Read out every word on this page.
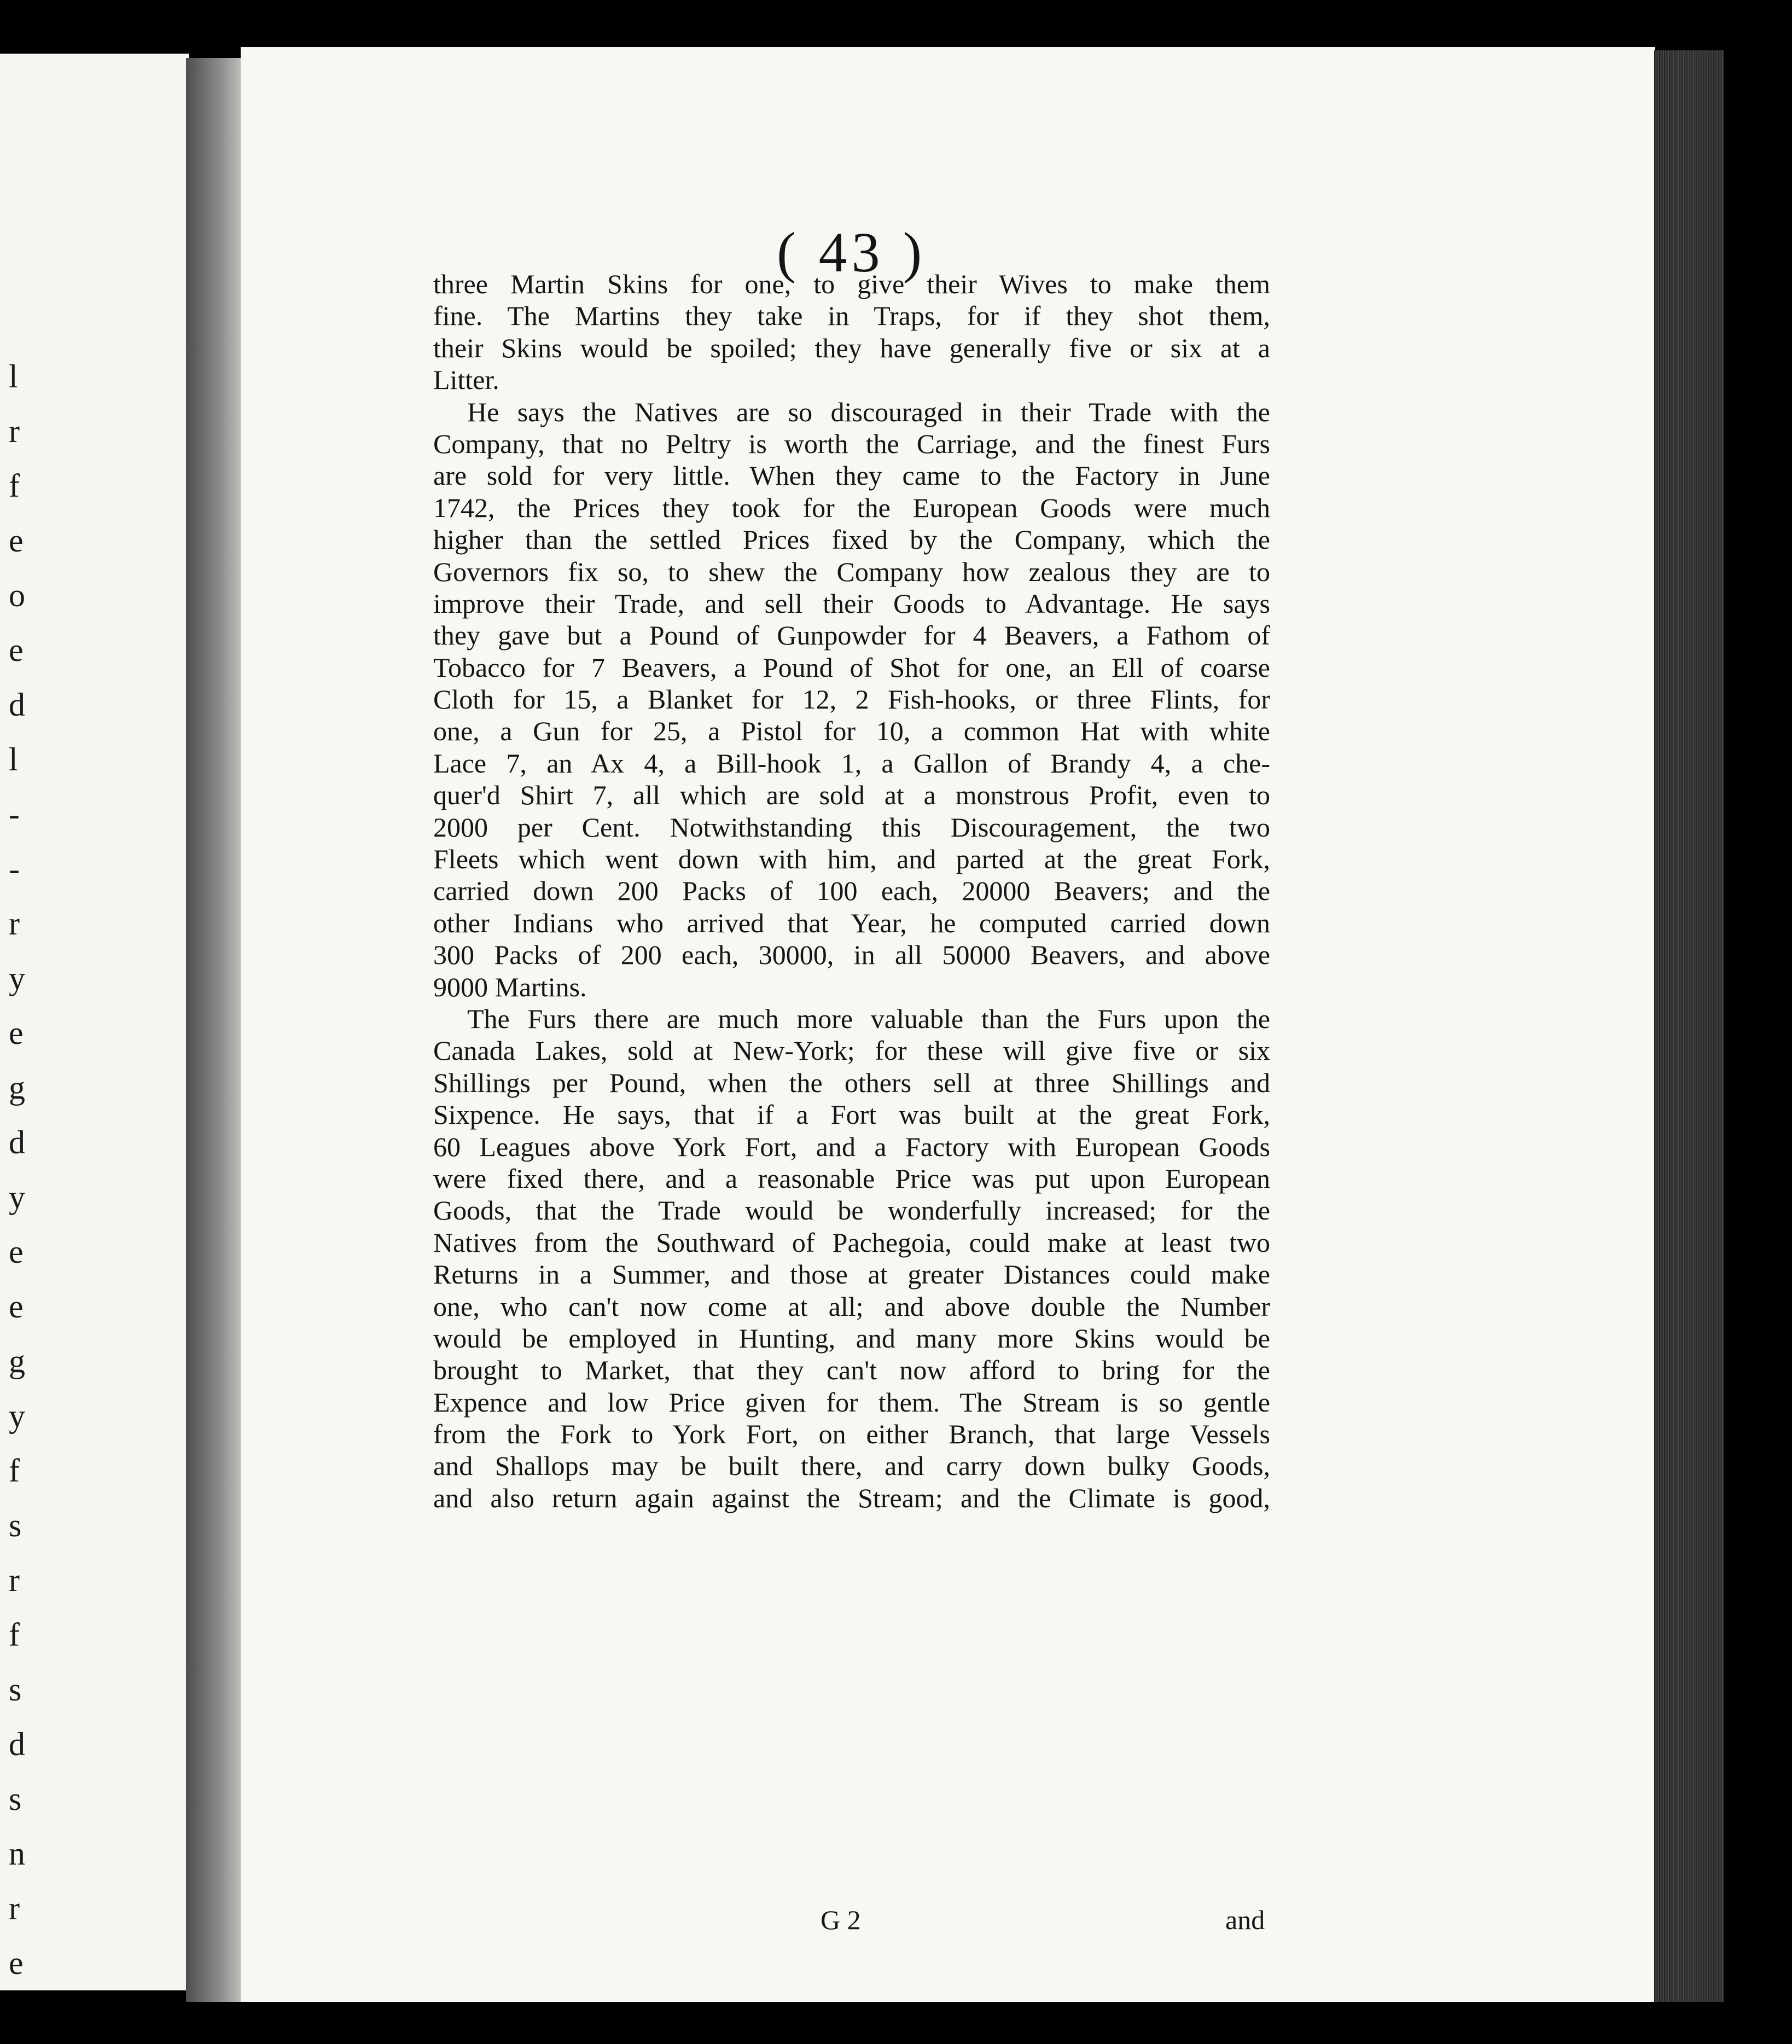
l
r
f
e
o
e
d
l
-
-
r
y
e
g
d
y
e
e
g
y
f
s
r
f
s
d
s
n
r
e
( 43 )
three Martin Skins for one, to give their Wives to make them
fine. The Martins they take in Traps, for if they shot them,
their Skins would be spoiled; they have generally five or six at a
Litter.
He says the Natives are so discouraged in their Trade with the
Company, that no Peltry is worth the Carriage, and the finest Furs
are sold for very little. When they came to the Factory in June
1742, the Prices they took for the European Goods were much
higher than the settled Prices fixed by the Company, which the
Governors fix so, to shew the Company how zealous they are to
improve their Trade, and sell their Goods to Advantage. He says
they gave but a Pound of Gunpowder for 4 Beavers, a Fathom of
Tobacco for 7 Beavers, a Pound of Shot for one, an Ell of coarse
Cloth for 15, a Blanket for 12, 2 Fish-hooks, or three Flints, for
one, a Gun for 25, a Pistol for 10, a common Hat with white
Lace 7, an Ax 4, a Bill-hook 1, a Gallon of Brandy 4, a che-
quer'd Shirt 7, all which are sold at a monstrous Profit, even to
2000 per Cent. Notwithstanding this Discouragement, the two
Fleets which went down with him, and parted at the great Fork,
carried down 200 Packs of 100 each, 20000 Beavers; and the
other Indians who arrived that Year, he computed carried down
300 Packs of 200 each, 30000, in all 50000 Beavers, and above
9000 Martins.
The Furs there are much more valuable than the Furs upon the
Canada Lakes, sold at New-York; for these will give five or six
Shillings per Pound, when the others sell at three Shillings and
Sixpence. He says, that if a Fort was built at the great Fork,
60 Leagues above York Fort, and a Factory with European Goods
were fixed there, and a reasonable Price was put upon European
Goods, that the Trade would be wonderfully increased; for the
Natives from the Southward of Pachegoia, could make at least two
Returns in a Summer, and those at greater Distances could make
one, who can't now come at all; and above double the Number
would be employed in Hunting, and many more Skins would be
brought to Market, that they can't now afford to bring for the
Expence and low Price given for them. The Stream is so gentle
from the Fork to York Fort, on either Branch, that large Vessels
and Shallops may be built there, and carry down bulky Goods,
and also return again against the Stream; and the Climate is good,
G 2	and
